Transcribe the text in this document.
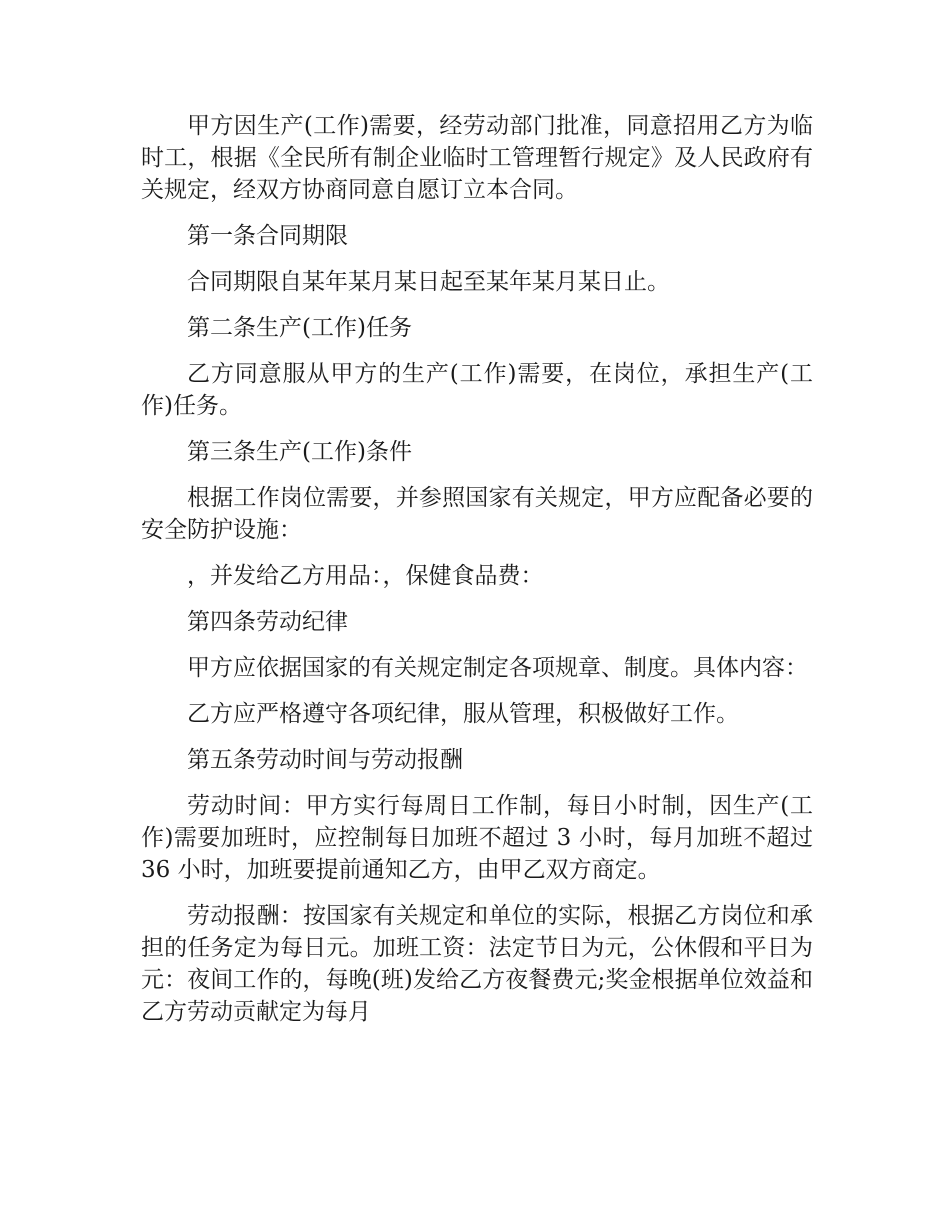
甲方因生产(工作)需要，经劳动部门批准，同意招用乙方为临时工，根据《全民所有制企业临时工管理暂行规定》及人民政府有关规定，经双方协商同意自愿订立本合同。

第一条合同期限

合同期限自某年某月某日起至某年某月某日止。

第二条生产(工作)任务

乙方同意服从甲方的生产(工作)需要，在岗位，承担生产(工作)任务。

第三条生产(工作)条件

根据工作岗位需要，并参照国家有关规定，甲方应配备必要的安全防护设施：

，并发给乙方用品：，保健食品费：

第四条劳动纪律

甲方应依据国家的有关规定制定各项规章、制度。具体内容：

乙方应严格遵守各项纪律，服从管理，积极做好工作。

第五条劳动时间与劳动报酬

劳动时间：甲方实行每周日工作制，每日小时制，因生产(工作)需要加班时，应控制每日加班不超过 3 小时，每月加班不超过 36 小时，加班要提前通知乙方，由甲乙双方商定。

劳动报酬：按国家有关规定和单位的实际，根据乙方岗位和承担的任务定为每日元。加班工资：法定节日为元，公休假和平日为元：夜间工作的，每晚(班)发给乙方夜餐费元;奖金根据单位效益和乙方劳动贡献定为每月
